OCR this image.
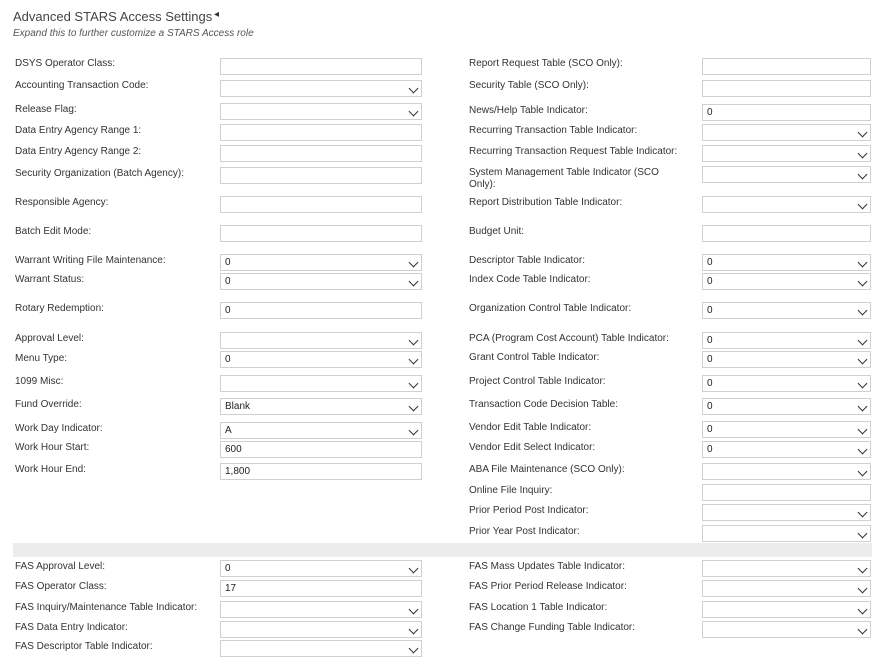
Advanced STARS Access Settings ◂
Expand this to further customize a STARS Access role
DSYS Operator Class:
Accounting Transaction Code:
Release Flag:
Data Entry Agency Range 1:
Data Entry Agency Range 2:
Security Organization (Batch Agency):
Responsible Agency:
Batch Edit Mode:
Warrant Writing File Maintenance:	0
Warrant Status:	0
Rotary Redemption:	0
Approval Level:
Menu Type:	0
1099 Misc:
Fund Override:	Blank
Work Day Indicator:	A
Work Hour Start:	600
Work Hour End:	1,800
Report Request Table (SCO Only):
Security Table (SCO Only):
News/Help Table Indicator:	0
Recurring Transaction Table Indicator:
Recurring Transaction Request Table Indicator:
System Management Table Indicator (SCO Only):
Report Distribution Table Indicator:
Budget Unit:
Descriptor Table Indicator:	0
Index Code Table Indicator:	0
Organization Control Table Indicator:	0
PCA (Program Cost Account) Table Indicator:	0
Grant Control Table Indicator:	0
Project Control Table Indicator:	0
Transaction Code Decision Table:	0
Vendor Edit Table Indicator:	0
Vendor Edit Select Indicator:	0
ABA File Maintenance (SCO Only):
Online File Inquiry:
Prior Period Post Indicator:
Prior Year Post Indicator:
FAS Approval Level:	0
FAS Operator Class:	17
FAS Inquiry/Maintenance Table Indicator:
FAS Data Entry Indicator:
FAS Descriptor Table Indicator:
FAS Mass Updates Table Indicator:
FAS Prior Period Release Indicator:
FAS Location 1 Table Indicator:
FAS Change Funding Table Indicator:
